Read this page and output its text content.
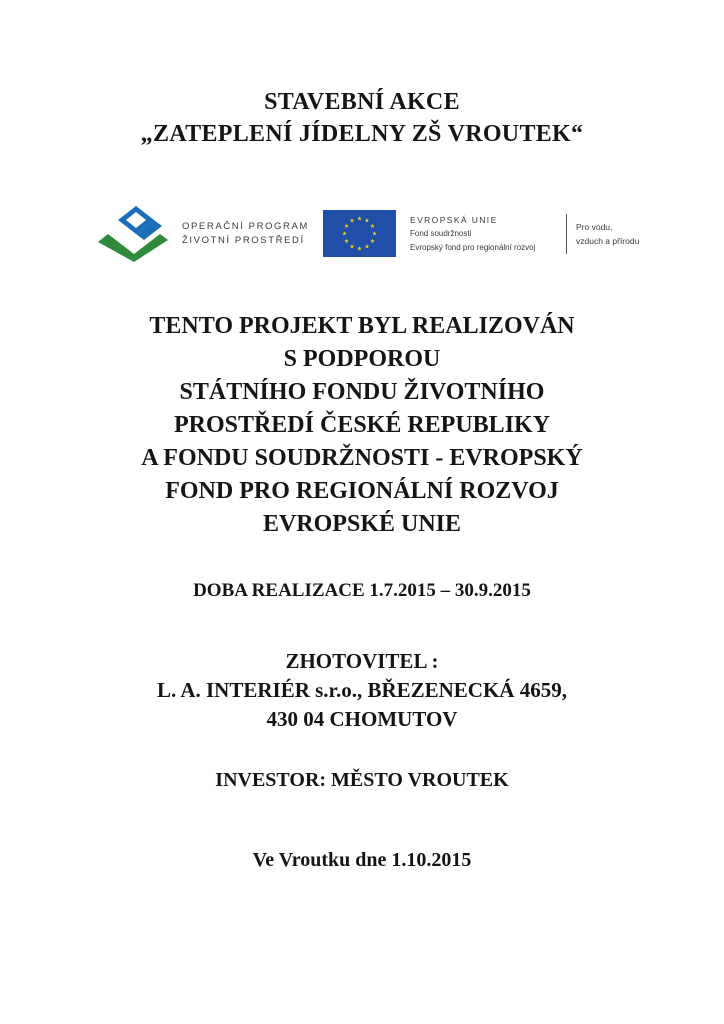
STAVEBNÍ AKCE
„ZATEPLENÍ JÍDELNY ZŠ VROUTEK“
OPERAČNÍ PROGRAM
ŽIVOTNÍ PROSTŘEDÍ
EVROPSKÁ UNIE
Fond soudržnosti
Evropský fond pro regionální rozvoj
Pro vodu,
vzduch a přírodu
TENTO PROJEKT BYL REALIZOVÁN
S PODPOROU
STÁTNÍHO FONDU ŽIVOTNÍHO
PROSTŘEDÍ ČESKÉ REPUBLIKY
A FONDU SOUDRŽNOSTI - EVROPSKÝ
FOND PRO REGIONÁLNÍ ROZVOJ
EVROPSKÉ UNIE
DOBA REALIZACE 1.7.2015 – 30.9.2015
ZHOTOVITEL :
L. A. INTERIÉR s.r.o., BŘEZENECKÁ 4659,
430 04 CHOMUTOV
INVESTOR: MĚSTO VROUTEK
Ve Vroutku dne 1.10.2015
